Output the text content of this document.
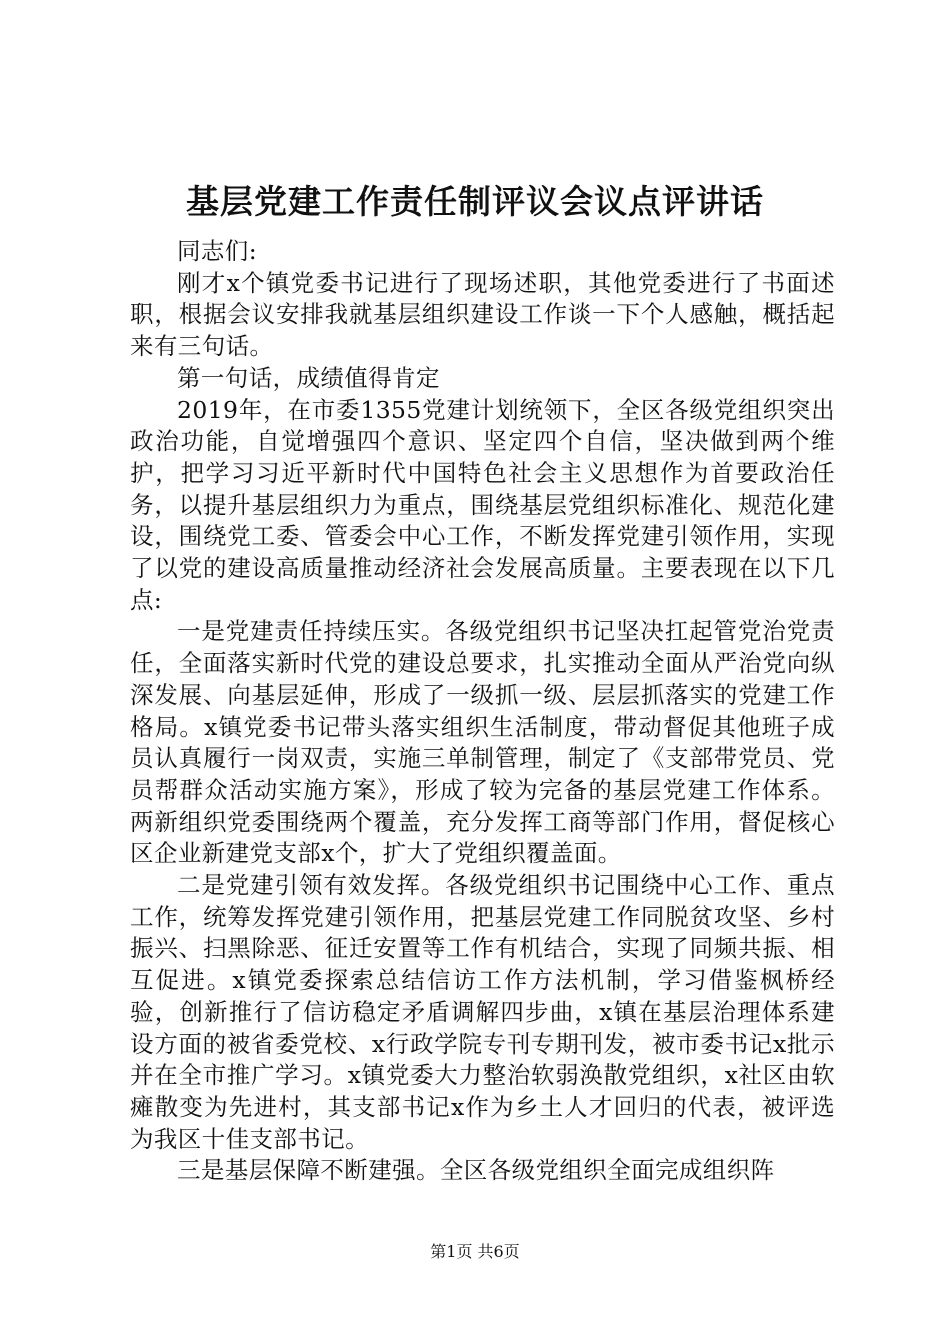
基层党建工作责任制评议会议点评讲话

同志们:

刚才x个镇党委书记进行了现场述职，其他党委进行了书面述职，根据会议安排我就基层组织建设工作谈一下个人感触，概括起来有三句话。

第一句话，成绩值得肯定

2019年，在市委1355党建计划统领下，全区各级党组织突出政治功能，自觉增强四个意识、坚定四个自信，坚决做到两个维护，把学习习近平新时代中国特色社会主义思想作为首要政治任务，以提升基层组织力为重点，围绕基层党组织标准化、规范化建设，围绕党工委、管委会中心工作，不断发挥党建引领作用，实现了以党的建设高质量推动经济社会发展高质量。主要表现在以下几点:

一是党建责任持续压实。各级党组织书记坚决扛起管党治党责任，全面落实新时代党的建设总要求，扎实推动全面从严治党向纵深发展、向基层延伸，形成了一级抓一级、层层抓落实的党建工作格局。x镇党委书记带头落实组织生活制度，带动督促其他班子成员认真履行一岗双责，实施三单制管理，制定了《支部带党员、党员帮群众活动实施方案》，形成了较为完备的基层党建工作体系。两新组织党委围绕两个覆盖，充分发挥工商等部门作用，督促核心区企业新建党支部x个，扩大了党组织覆盖面。

二是党建引领有效发挥。各级党组织书记围绕中心工作、重点工作，统筹发挥党建引领作用，把基层党建工作同脱贫攻坚、乡村振兴、扫黑除恶、征迁安置等工作有机结合，实现了同频共振、相互促进。x镇党委探索总结信访工作方法机制，学习借鉴枫桥经验，创新推行了信访稳定矛盾调解四步曲，x镇在基层治理体系建设方面的被省委党校、x行政学院专刊专期刊发，被市委书记x批示并在全市推广学习。x镇党委大力整治软弱涣散党组织，x社区由软瘫散变为先进村，其支部书记x作为乡土人才回归的代表，被评选为我区十佳支部书记。

三是基层保障不断建强。全区各级党组织全面完成组织阵

第1页 共6页
